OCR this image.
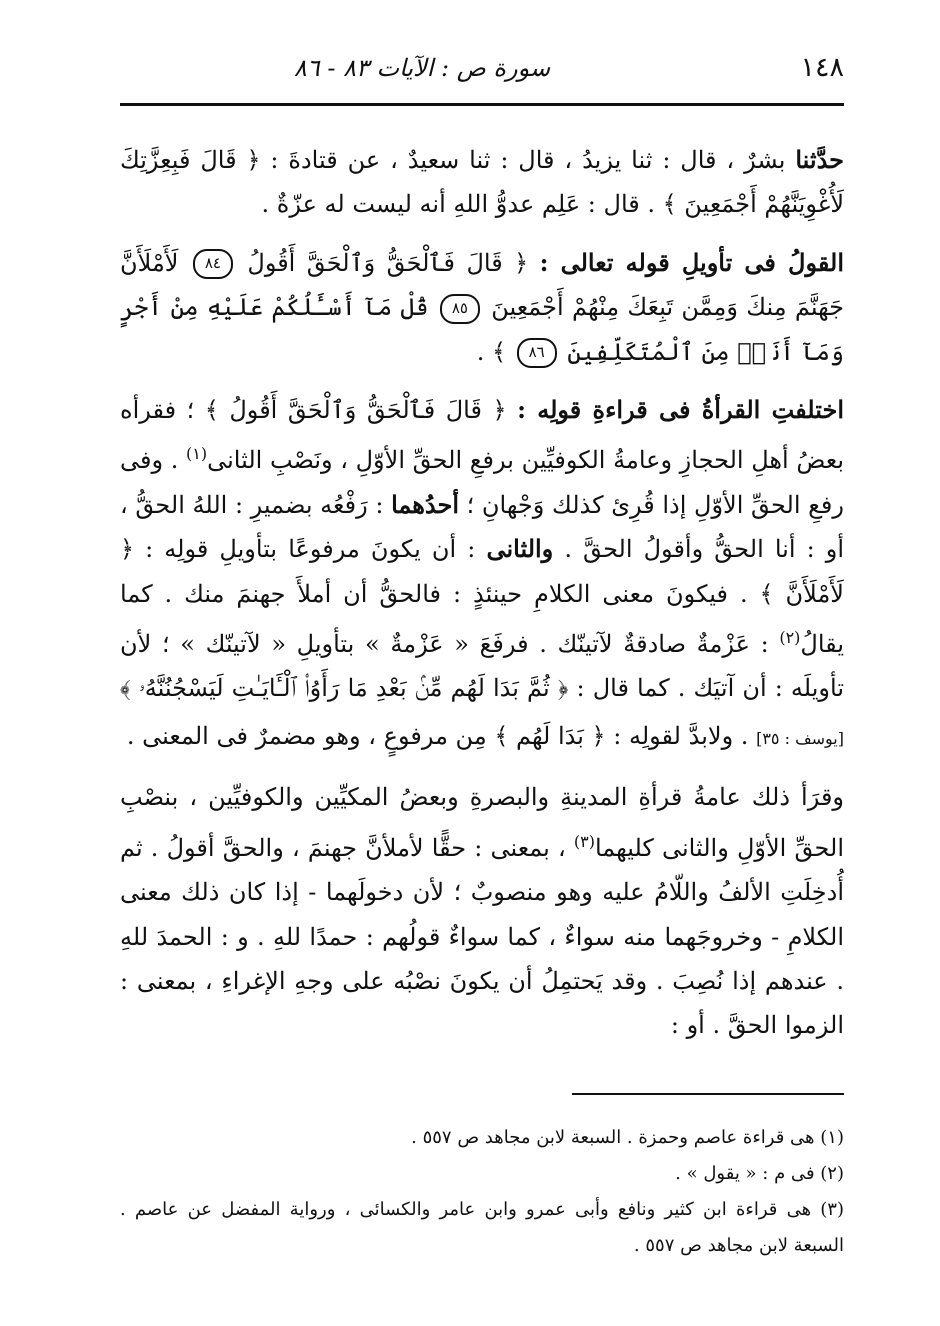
١٤٨
سورة ص : الآيات ٨٣ - ٨٦

حدَّثنا بشرٌ ، قال : ثنا يزيدُ ، قال : ثنا سعيدٌ ، عن قتادةَ : ﴿ قَالَ فَبِعِزَّتِكَ لَأُغْوِيَنَّهُمْ أَجْمَعِينَ ﴾ . قال : عَلِم عدوُّ اللهِ أنه ليست له عزّةٌ .

القولُ فى تأويلِ قوله تعالى : ﴿ قَالَ فَٱلْحَقُّ وَٱلْحَقَّ أَقُولُ ٨٤ لَأَمْلَأَنَّ جَهَنَّمَ مِنكَ وَمِمَّن تَبِعَكَ مِنْهُمْ أَجْمَعِينَ ٨٥ قُلْ مَآ أَسْـَٔلُكُمْ عَلَيْهِ مِنْ أَجْرٍ وَمَآ أَنَا۠ مِنَ ٱلْمُتَكَلِّفِينَ ٨٦ ﴾ .

اختلفتِ القرأةُ فى قراءةِ قولِه : ﴿ قَالَ فَٱلْحَقُّ وَٱلْحَقَّ أَقُولُ ﴾ ؛ فقرأه بعضُ أهلِ الحجازِ وعامةُ الكوفيِّين برفعِ الحقِّ الأوّلِ ، ونَصْبِ الثانى$^{(١)}$ . وفى رفعِ الحقِّ الأوّلِ إذا قُرِئ كذلك وَجْهانِ ؛ أحدُهما : رَفْعُه بضميرِ : اللهُ الحقُّ ، أو : أنا الحقُّ وأقولُ الحقَّ . والثانى : أن يكونَ مرفوعًا بتأويلِ قولِه : ﴿ لَأَمْلَأَنَّ ﴾ . فيكونَ معنى الكلامِ حينئذٍ : فالحقُّ أن أملأَ جهنمَ منك . كما يقالُ$^{(٢)}$ : عَزْمةٌ صادقةٌ لآتينّك . فرفَعَ « عَزْمةٌ » بتأويلِ « لآتينّك » ؛ لأن تأويلَه : أن آتيَك . كما قال : ﴿ ثُمَّ بَدَا لَهُم مِّنۢ بَعْدِ مَا رَأَوُا۟ ٱلْـَٔايَـٰتِ لَيَسْجُنُنَّهُۥ ﴾ [يوسف : ٣٥] . ولابدَّ لقولِه : ﴿ بَدَا لَهُم ﴾ مِن مرفوعٍ ، وهو مضمرٌ فى المعنى .

وقرَأ ذلك عامةُ قرأةِ المدينةِ والبصرةِ وبعضُ المكيِّين والكوفيِّين ، بنصْبِ الحقِّ الأوّلِ والثانى كليهما$^{(٣)}$ ، بمعنى : حقًّا لأملأنَّ جهنمَ ، والحقَّ أقولُ . ثم أُدخِلَتِ الألفُ واللّامُ عليه وهو منصوبٌ ؛ لأن دخولَهما - إذا كان ذلك معنى الكلامِ - وخروجَهما منه سواءٌ ، كما سواءٌ قولُهم : حمدًا للهِ . و : الحمدَ للهِ . عندهم إذا نُصِبَ . وقد يَحتمِلُ أن يكونَ نصْبُه على وجهِ الإغراءِ ، بمعنى : الزموا الحقَّ . أو :

(١) هى قراءة عاصم وحمزة . السبعة لابن مجاهد ص ٥٥٧ .

(٢) فى م : « يقول » .

(٣) هى قراءة ابن كثير ونافع وأبى عمرو وابن عامر والكسائى ، ورواية المفضل عن عاصم . السبعة لابن مجاهد ص ٥٥٧ .
